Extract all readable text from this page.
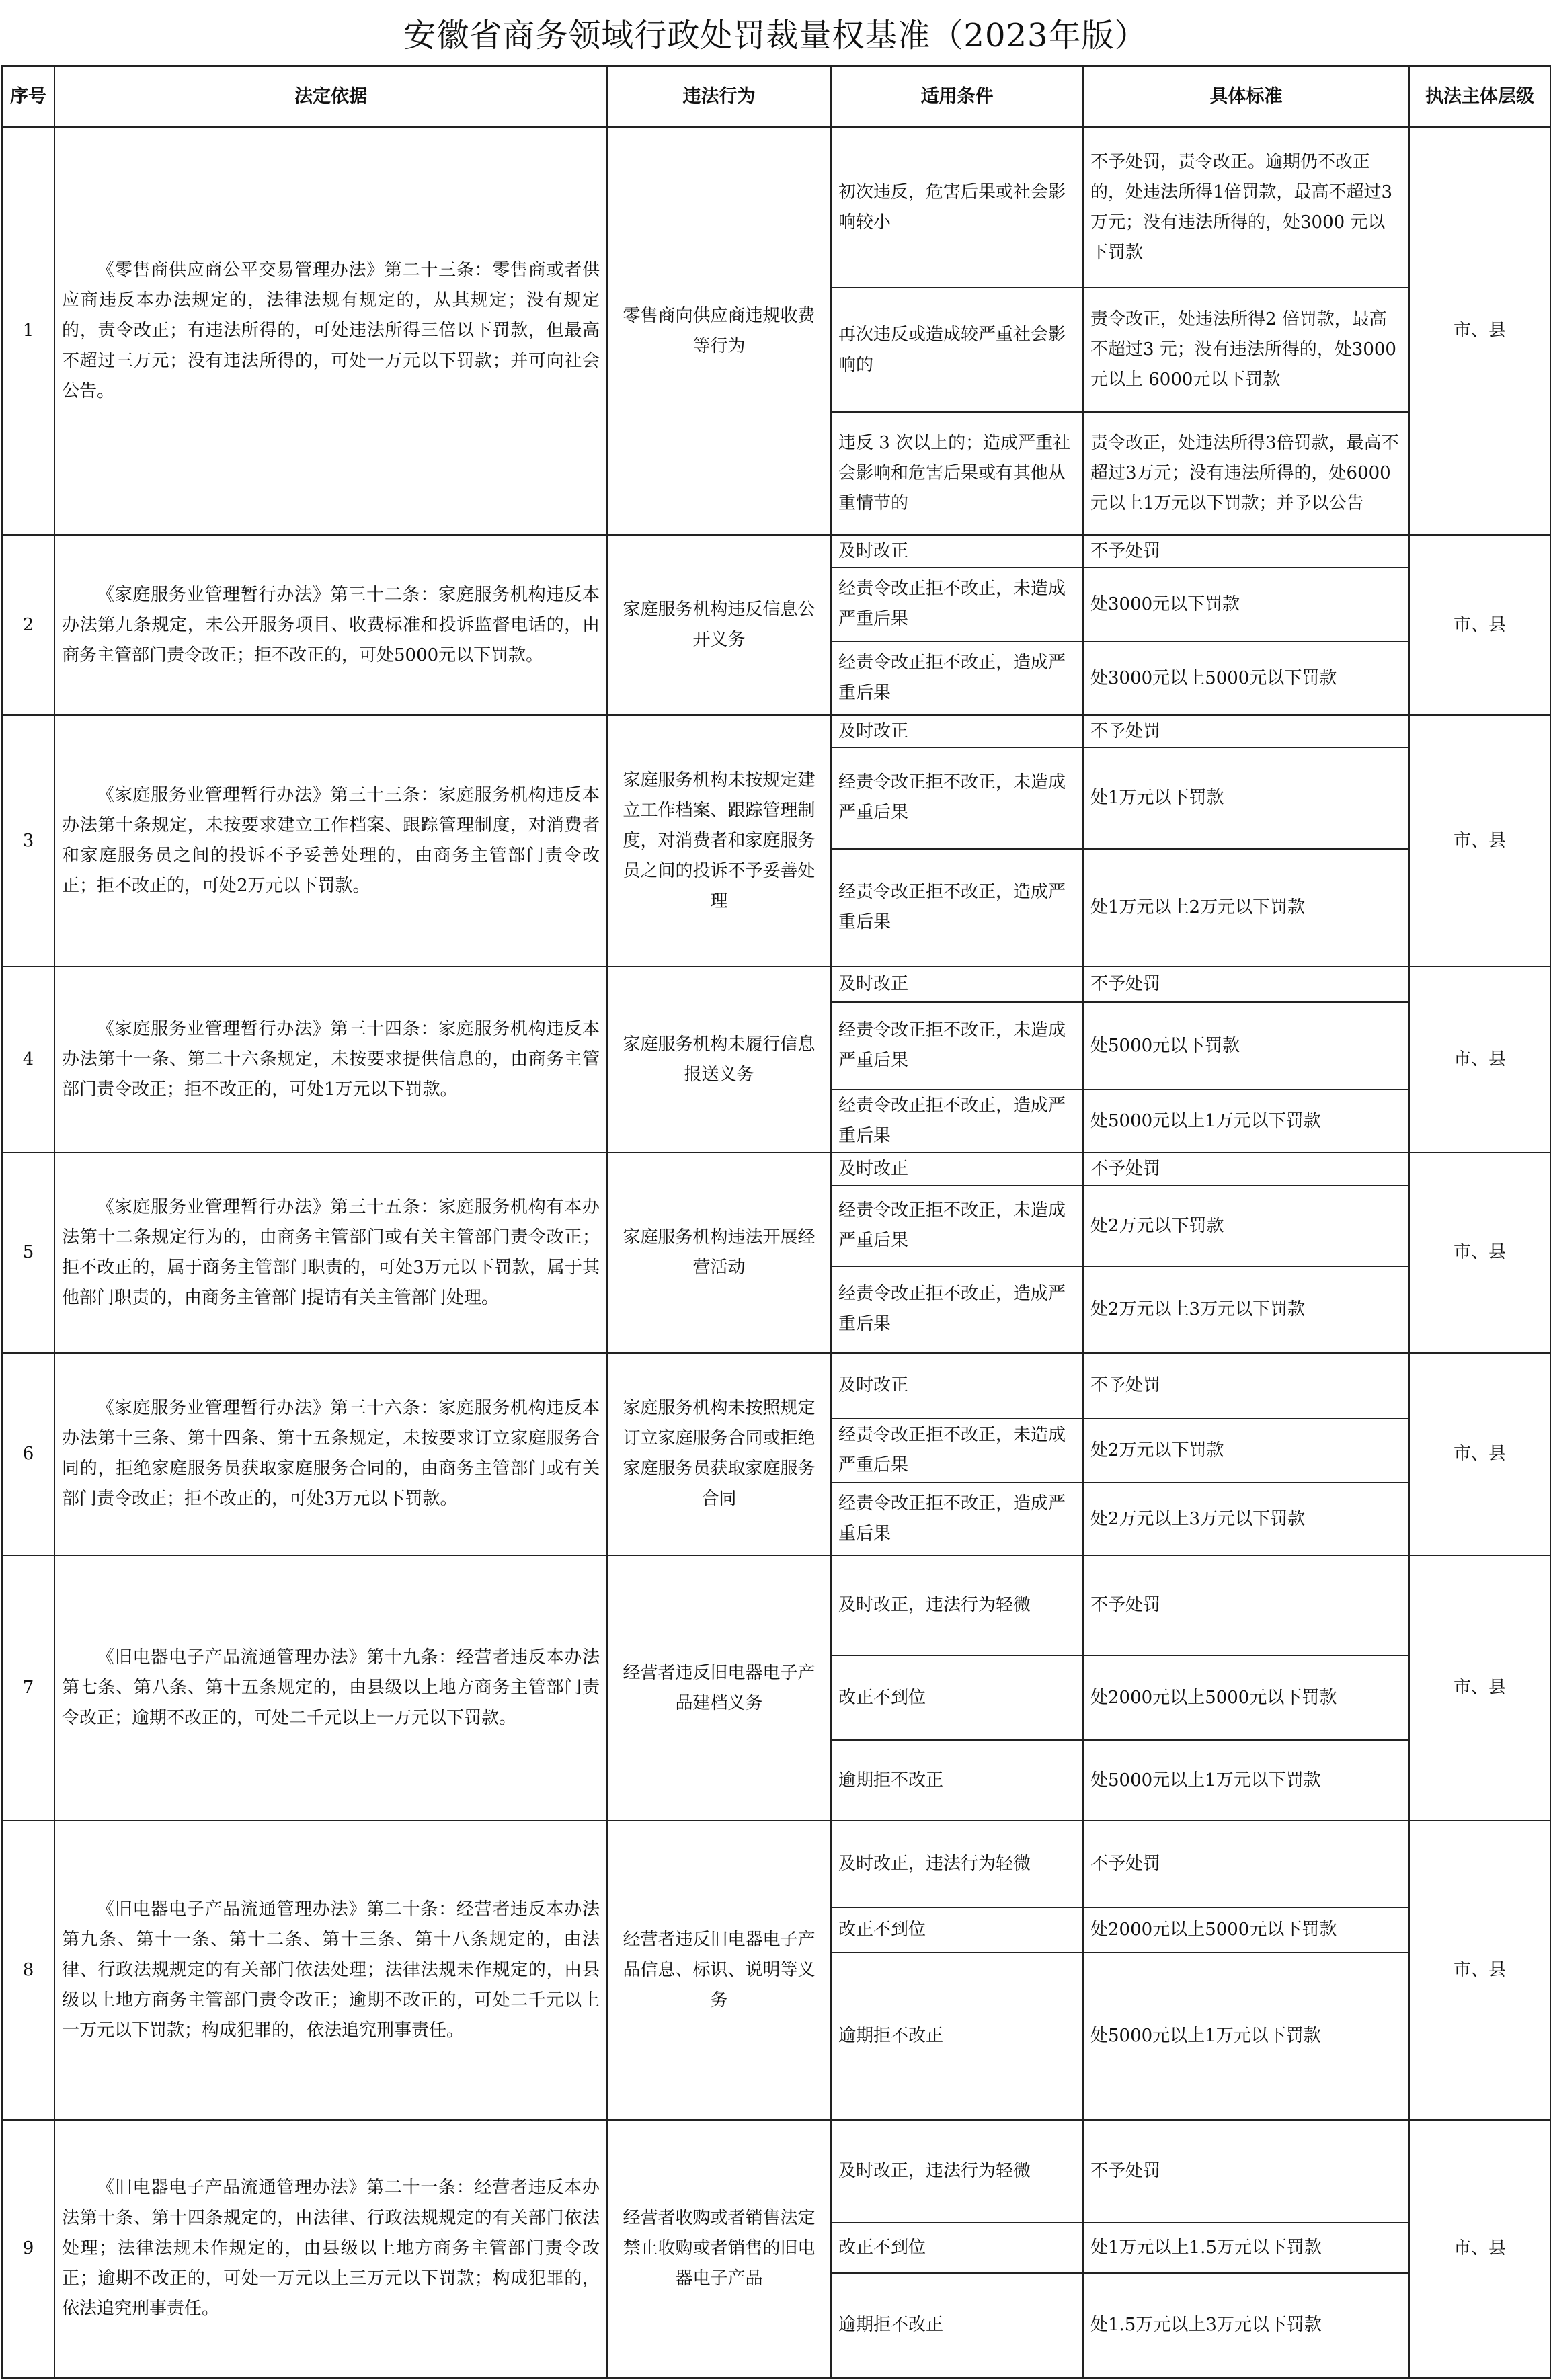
安徽省商务领域行政处罚裁量权基准（2023年版）
序号	法定依据	违法行为	适用条件	具体标准	执法主体层级
1	《零售商供应商公平交易管理办法》第二十三条：零售商或者供应商违反本办法规定的，法律法规有规定的，从其规定；没有规定的，责令改正；有违法所得的，可处违法所得三倍以下罚款，但最高不超过三万元；没有违法所得的，可处一万元以下罚款；并可向社会公告。	零售商向供应商违规收费等行为	初次违反，危害后果或社会影响较小	不予处罚，责令改正。逾期仍不改正的，处违法所得1倍罚款，最高不超过3万元；没有违法所得的，处3000 元以下罚款	市、县
			再次违反或造成较严重社会影响的	责令改正，处违法所得2 倍罚款，最高不超过3 元；没有违法所得的，处3000 元以上 6000元以下罚款	
			违反 3 次以上的；造成严重社会影响和危害后果或有其他从重情节的	责令改正，处违法所得3倍罚款，最高不超过3万元；没有违法所得的，处6000元以上1万元以下罚款；并予以公告	
2	《家庭服务业管理暂行办法》第三十二条：家庭服务机构违反本办法第九条规定，未公开服务项目、收费标准和投诉监督电话的，由商务主管部门责令改正；拒不改正的，可处5000元以下罚款。	家庭服务机构违反信息公开义务	及时改正	不予处罚	市、县
			经责令改正拒不改正，未造成严重后果	处3000元以下罚款	
			经责令改正拒不改正，造成严重后果	处3000元以上5000元以下罚款	
3	《家庭服务业管理暂行办法》第三十三条：家庭服务机构违反本办法第十条规定，未按要求建立工作档案、跟踪管理制度，对消费者和家庭服务员之间的投诉不予妥善处理的，由商务主管部门责令改正；拒不改正的，可处2万元以下罚款。	家庭服务机构未按规定建立工作档案、跟踪管理制度，对消费者和家庭服务员之间的投诉不予妥善处理	及时改正	不予处罚	市、县
			经责令改正拒不改正，未造成严重后果	处1万元以下罚款	
			经责令改正拒不改正，造成严重后果	处1万元以上2万元以下罚款	
4	《家庭服务业管理暂行办法》第三十四条：家庭服务机构违反本办法第十一条、第二十六条规定，未按要求提供信息的，由商务主管部门责令改正；拒不改正的，可处1万元以下罚款。	家庭服务机构未履行信息报送义务	及时改正	不予处罚	市、县
			经责令改正拒不改正，未造成严重后果	处5000元以下罚款	
			经责令改正拒不改正，造成严重后果	处5000元以上1万元以下罚款	
5	《家庭服务业管理暂行办法》第三十五条：家庭服务机构有本办法第十二条规定行为的，由商务主管部门或有关主管部门责令改正；拒不改正的，属于商务主管部门职责的，可处3万元以下罚款，属于其他部门职责的，由商务主管部门提请有关主管部门处理。	家庭服务机构违法开展经营活动	及时改正	不予处罚	市、县
			经责令改正拒不改正，未造成严重后果	处2万元以下罚款	
			经责令改正拒不改正，造成严重后果	处2万元以上3万元以下罚款	
6	《家庭服务业管理暂行办法》第三十六条：家庭服务机构违反本办法第十三条、第十四条、第十五条规定，未按要求订立家庭服务合同的，拒绝家庭服务员获取家庭服务合同的，由商务主管部门或有关部门责令改正；拒不改正的，可处3万元以下罚款。	家庭服务机构未按照规定订立家庭服务合同或拒绝家庭服务员获取家庭服务合同	及时改正	不予处罚	市、县
			经责令改正拒不改正，未造成严重后果	处2万元以下罚款	
			经责令改正拒不改正，造成严重后果	处2万元以上3万元以下罚款	
7	《旧电器电子产品流通管理办法》第十九条：经营者违反本办法第七条、第八条、第十五条规定的，由县级以上地方商务主管部门责令改正；逾期不改正的，可处二千元以上一万元以下罚款。	经营者违反旧电器电子产品建档义务	及时改正，违法行为轻微	不予处罚	市、县
			改正不到位	处2000元以上5000元以下罚款	
			逾期拒不改正	处5000元以上1万元以下罚款	
8	《旧电器电子产品流通管理办法》第二十条：经营者违反本办法第九条、第十一条、第十二条、第十三条、第十八条规定的，由法律、行政法规规定的有关部门依法处理；法律法规未作规定的，由县级以上地方商务主管部门责令改正；逾期不改正的，可处二千元以上一万元以下罚款；构成犯罪的，依法追究刑事责任。	经营者违反旧电器电子产品信息、标识、说明等义务	及时改正，违法行为轻微	不予处罚	市、县
			改正不到位	处2000元以上5000元以下罚款	
			逾期拒不改正	处5000元以上1万元以下罚款	
9	《旧电器电子产品流通管理办法》第二十一条：经营者违反本办法第十条、第十四条规定的，由法律、行政法规规定的有关部门依法处理；法律法规未作规定的，由县级以上地方商务主管部门责令改正；逾期不改正的，可处一万元以上三万元以下罚款；构成犯罪的，依法追究刑事责任。	经营者收购或者销售法定禁止收购或者销售的旧电器电子产品	及时改正，违法行为轻微	不予处罚	市、县
			改正不到位	处1万元以上1.5万元以下罚款	
			逾期拒不改正	处1.5万元以上3万元以下罚款	
